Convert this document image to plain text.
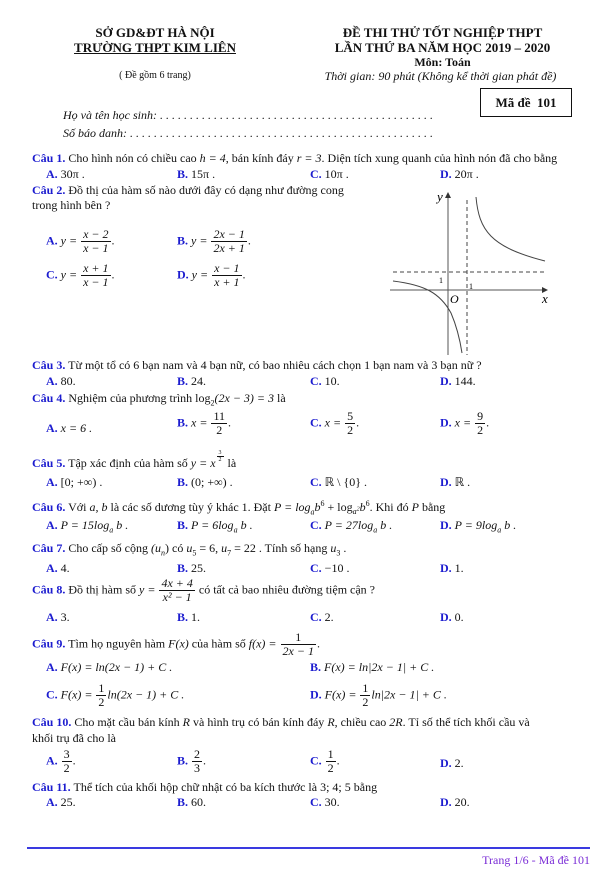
SỞ GD&ĐT HÀ NỘI
TRƯỜNG THPT KIM LIÊN
( Đề gồm 6 trang)
ĐỀ THI THỬ TỐT NGHIỆP THPT
LẦN THỨ BA NĂM HỌC 2019 – 2020
Môn: Toán
Thời gian: 90 phút (Không kể thời gian phát đề)
Mã đề  101
Họ và tên học sinh: . . . . . . . . . . . . . . . . . . . . . . . . . . . . . . . . . . . . . . . . . . . . . .
Số báo danh: . . . . . . . . . . . . . . . . . . . . . . . . . . . . . . . . . . . . . . . . . . . . . . . . . . .
Câu 1. Cho hình nón có chiều cao h = 4, bán kính đáy r = 3. Diện tích xung quanh của hình nón đã cho bằng
A. 30π .	B. 15π .	C. 10π .	D. 20π .
Câu 2. Đồ thị của hàm số nào dưới đây có dạng như đường cong
trong hình bên ?
A. $y = \frac{x - 2}{x - 1}$ .	B. $y = \frac{2x - 1}{2x + 1}$ .
C. $y = \frac{x + 1}{x - 1}$ .	D. $y = \frac{x - 1}{x + 1}$ .
y
x
O
1
1
Câu 3. Từ một tổ có 6 bạn nam và 4 bạn nữ, có bao nhiêu cách chọn 1 bạn nam và 3 bạn nữ ?
A. 80.	B. 24.	C. 10.	D. 144.
Câu 4. Nghiệm của phương trình $\log_2(2x - 3) = 3$ là
A. x = 6 .	B. $x = \frac{11}{2}$ .	C. $x = \frac{5}{2}$ .	D. $x = \frac{9}{2}$ .
Câu 5. Tập xác định của hàm số y = x $\frac{3}{2}$ là
A. [0; +∞) .	B. (0; +∞) .	C. ℝ \ {0} .	D. ℝ .
Câu 6. Với a, b là các số dương tùy ý khác 1. Đặt $P = \log_ab^6 + \log_{a^2}b^6$. Khi đó P bằng
A. $P = 15\log_a$ b .	B. $P = 6\log_a$ b .	C. $P = 27\log_a$ b .	D. $P = 9\log_a$ b .
Câu 7. Cho cấp số cộng $(u_n)$ có $u_5 = 6$, $u_7 = 22$ . Tính số hạng $u_3$ .
A. 4.	B. 25.	C. −10 .	D. 1.
Câu 8. Đồ thị hàm số $y = \frac{4x + 4}{\text{x² − 1}}$ có tất cả bao nhiêu đường tiệm cận ?
A. 3.	B. 1.	C. 2.	D. 0.
Câu 9. Tìm họ nguyên hàm F(x) của hàm số $f(x) = \frac{1}{2x - 1}$ .
A. F(x) = ln(2x − 1) + C .	B. F(x) = ln|2x − 1| + C .
C. $F(x) = \frac{1}{2} \ln(2x - 1) + C$ .	D. $F(x) = \frac{1}{2} \ln|2x - 1| + C$ .
Câu 10. Cho mặt cầu bán kính R và hình trụ có bán kính đáy R, chiều cao 2R. Tỉ số thể tích khối cầu và
khối trụ đã cho là
A. $\frac{3}{2}$ .	B. $\frac{2}{3}$ .	C. $\frac{1}{2}$ .	D. 2.
Câu 11. Thể tích của khối hộp chữ nhật có ba kích thước là 3; 4; 5 bằng
A. 25.	B. 60.	C. 30.	D. 20.
Trang 1/6 - Mã đề 101
